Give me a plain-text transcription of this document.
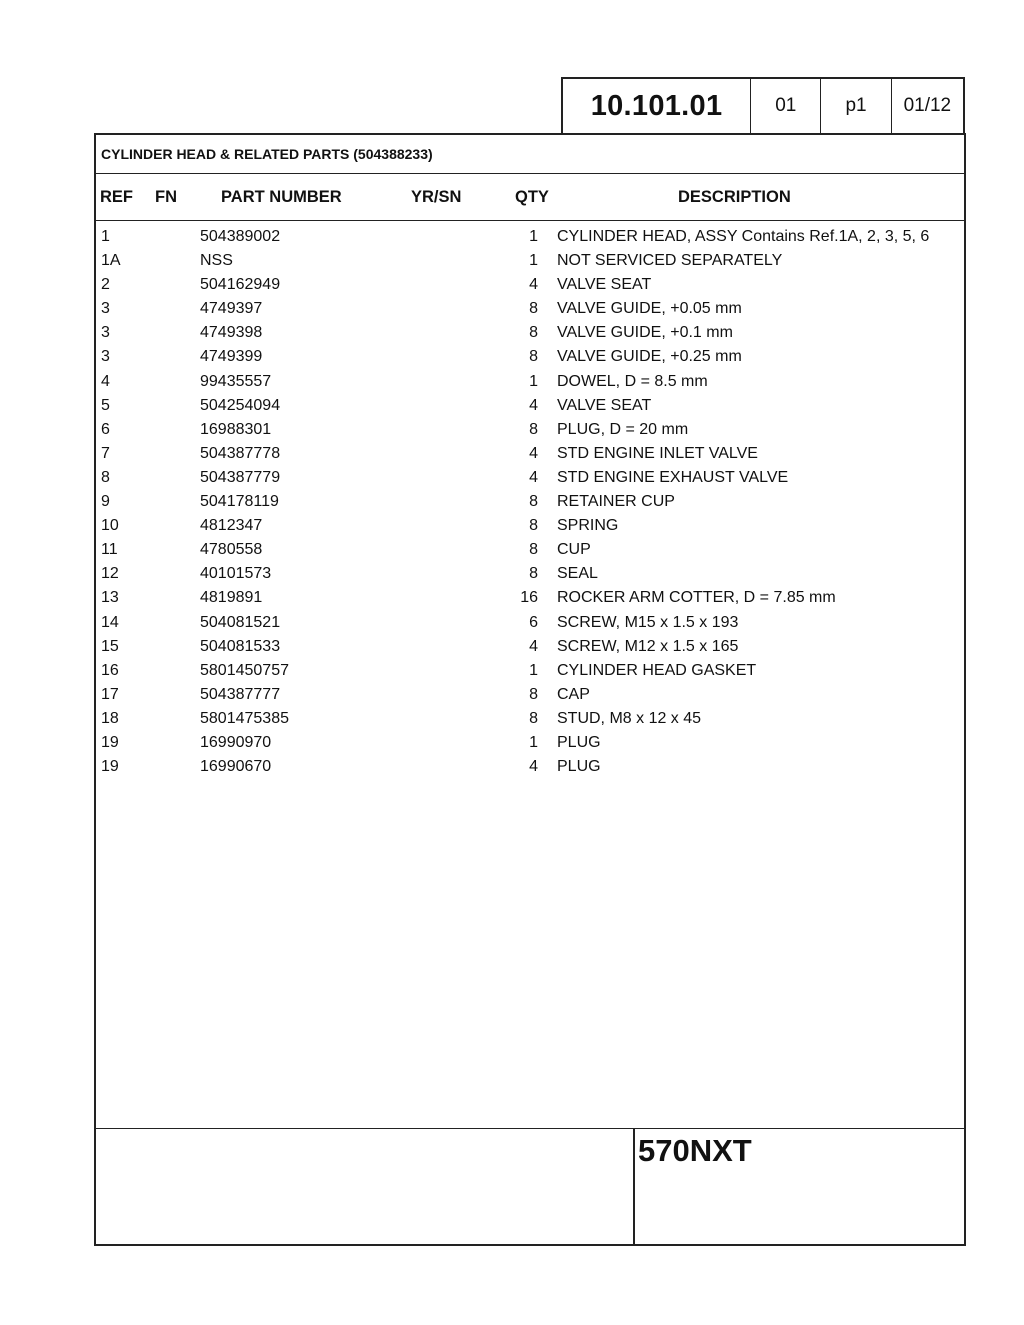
10.101.01	01	p1	01/12
CYLINDER HEAD & RELATED PARTS (504388233)
REF FN	PART NUMBER	YR/SN	QTY	DESCRIPTION
1	504389002	1 CYLINDER HEAD, ASSY Contains Ref.1A, 2, 3, 5, 6
1A	NSS	1 NOT SERVICED SEPARATELY
2	504162949	4 VALVE SEAT
3	4749397	8 VALVE GUIDE, +0.05 mm
3	4749398	8 VALVE GUIDE, +0.1 mm
3	4749399	8 VALVE GUIDE, +0.25 mm
4	99435557	1 DOWEL, D = 8.5 mm
5	504254094	4 VALVE SEAT
6	16988301	8 PLUG, D = 20 mm
7	504387778	4 STD ENGINE INLET VALVE
8	504387779	4 STD ENGINE EXHAUST VALVE
9	504178119	8 RETAINER CUP
10	4812347	8 SPRING
11	4780558	8 CUP
12	40101573	8 SEAL
13	4819891	16 ROCKER ARM COTTER, D = 7.85 mm
14	504081521	6 SCREW, M15 x 1.5 x 193
15	504081533	4 SCREW, M12 x 1.5 x 165
16	5801450757	1 CYLINDER HEAD GASKET
17	504387777	8 CAP
18	5801475385	8 STUD, M8 x 12 x 45
19	16990970	1 PLUG
19	16990670	4 PLUG
570NXT
